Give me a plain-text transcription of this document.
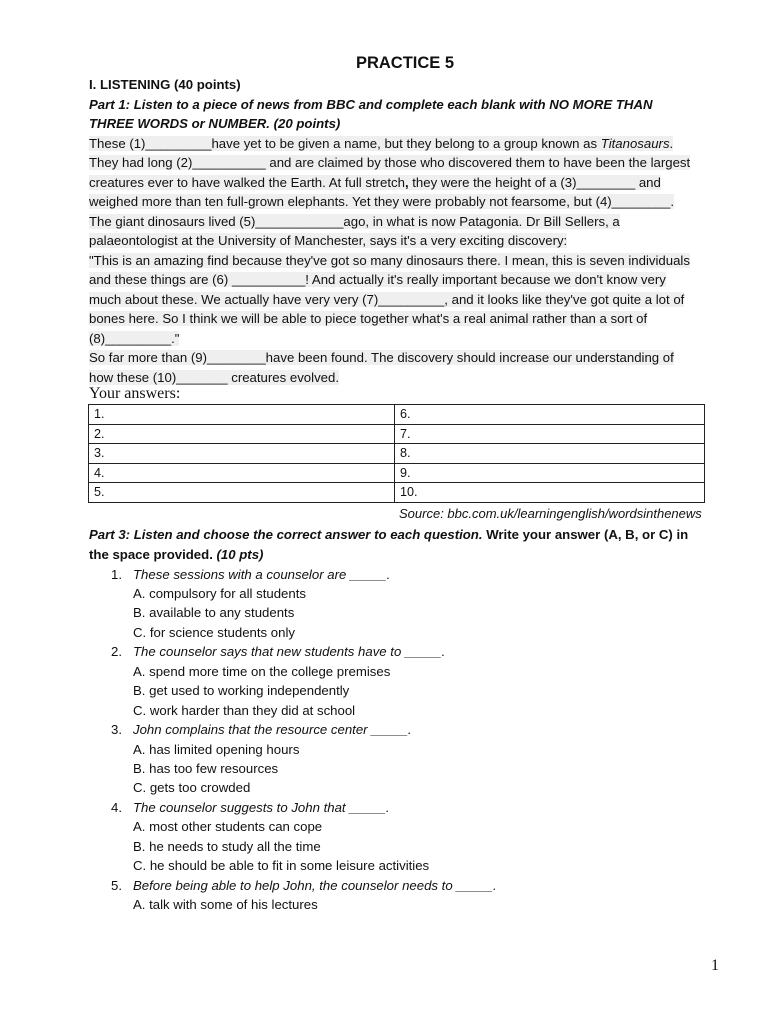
PRACTICE 5
I. LISTENING (40 points)
Part 1: Listen to a piece of news from BBC and complete each blank with NO MORE THAN
THREE WORDS or NUMBER. (20 points)
These (1)_________have yet to be given a name, but they belong to a group known as Titanosaurs.
They had long (2)__________ and are claimed by those who discovered them to have been the largest
creatures ever to have walked the Earth. At full stretch, they were the height of a (3)________ and
weighed more than ten full-grown elephants. Yet they were probably not fearsome, but (4)________.
The giant dinosaurs lived (5)____________ago, in what is now Patagonia. Dr Bill Sellers, a
palaeontologist at the University of Manchester, says it's a very exciting discovery:
"This is an amazing find because they've got so many dinosaurs there. I mean, this is seven individuals
and these things are (6) __________! And actually it's really important because we don't know very
much about these. We actually have very very (7)_________, and it looks like they've got quite a lot of
bones here. So I think we will be able to piece together what's a real animal rather than a sort of
(8)_________."
So far more than (9)________have been found. The discovery should increase our understanding of
how these (10)_______ creatures evolved.
Your answers:
1.	6.
2.	7.
3.	8.
4.	9.
5.	10.
Source: bbc.com.uk/learningenglish/wordsinthenews
Part 3: Listen and choose the correct answer to each question. Write your answer (A, B, or C) in
the space provided. (10 pts)
1. These sessions with a counselor are _____.
A. compulsory for all students
B. available to any students
C. for science students only
2. The counselor says that new students have to _____.
A. spend more time on the college premises
B. get used to working independently
C. work harder than they did at school
3. John complains that the resource center _____.
A. has limited opening hours
B. has too few resources
C. gets too crowded
4. The counselor suggests to John that _____.
A. most other students can cope
B. he needs to study all the time
C. he should be able to fit in some leisure activities
5. Before being able to help John, the counselor needs to _____.
A. talk with some of his lectures
1
